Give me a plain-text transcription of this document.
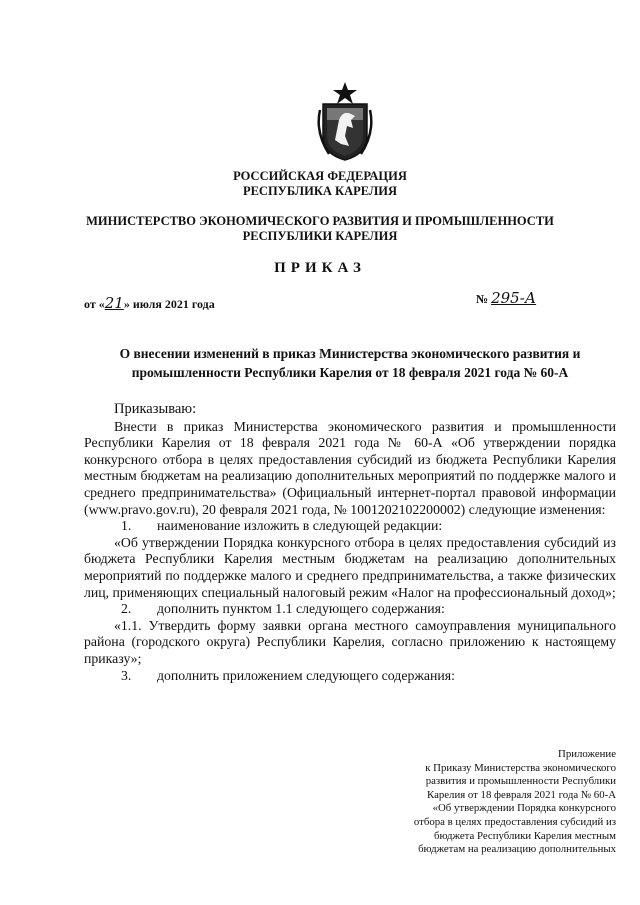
РОССИЙСКАЯ ФЕДЕРАЦИЯ
РЕСПУБЛИКА КАРЕЛИЯ
МИНИСТЕРСТВО ЭКОНОМИЧЕСКОГО РАЗВИТИЯ И ПРОМЫШЛЕННОСТИ
РЕСПУБЛИКИ КАРЕЛИЯ
ПРИКАЗ
от «21» июля 2021 года	№ 295-А
О внесении изменений в приказ Министерства экономического развития и промышленности Республики Карелия от 18 февраля 2021 года № 60-А

Приказываю:

Внести в приказ Министерства экономического развития и промышленности Республики Карелия от 18 февраля 2021 года № 60-А «Об утверждении порядка конкурсного отбора в целях предоставления субсидий из бюджета Республики Карелия местным бюджетам на реализацию дополнительных мероприятий по поддержке малого и среднего предпринимательства» (Официальный интернет-портал правовой информации (www.pravo.gov.ru), 20 февраля 2021 года, № 1001202102200002) следующие изменения:

1. наименование изложить в следующей редакции:

«Об утверждении Порядка конкурсного отбора в целях предоставления субсидий из бюджета Республики Карелия местным бюджетам на реализацию дополнительных мероприятий по поддержке малого и среднего предпринимательства, а также физических лиц, применяющих специальный налоговый режим «Налог на профессиональный доход»;

2. дополнить пунктом 1.1 следующего содержания:

«1.1. Утвердить форму заявки органа местного самоуправления муниципального района (городского округа) Республики Карелия, согласно приложению к настоящему приказу»;

3. дополнить приложением следующего содержания:

Приложение
к Приказу Министерства экономического
развития и промышленности Республики
Карелия от 18 февраля 2021 года № 60-А
«Об утверждении Порядка конкурсного
отбора в целях предоставления субсидий из
бюджета Республики Карелия местным
бюджетам на реализацию дополнительных
